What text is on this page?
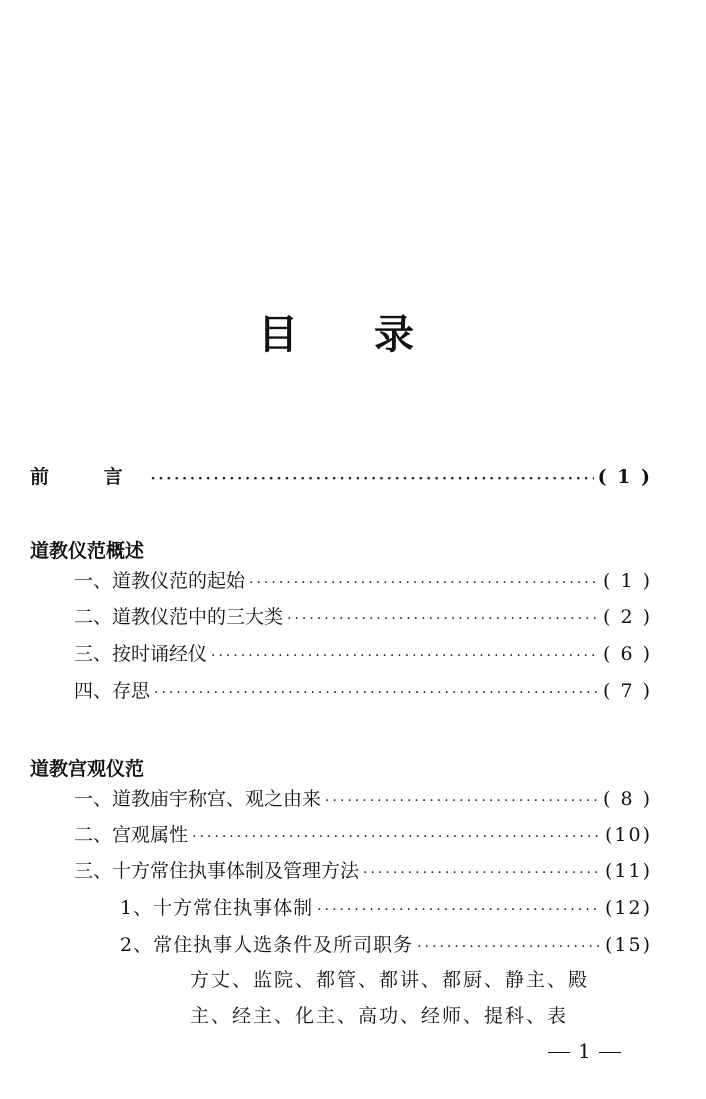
目 录
前 言 ·····	( 1 )
道教仪范概述
一、道教仪范的起始 ·····	( 1 )
二、道教仪范中的三大类 ·····	( 2 )
三、按时诵经仪 ·····	( 6 )
四、存思 ·····	( 7 )
道教宫观仪范
一、道教庙宇称宫、观之由来 ·····	( 8 )
二、宫观属性 ·····	(10)
三、十方常住执事体制及管理方法 ·····	(11)
1、十方常住执事体制 ·····	(12)
2、常住执事人选条件及所司职务 ·····	(15)
方丈、监院、都管、都讲、都厨、静主、殿
主、经主、化主、高功、经师、提科、表
1
